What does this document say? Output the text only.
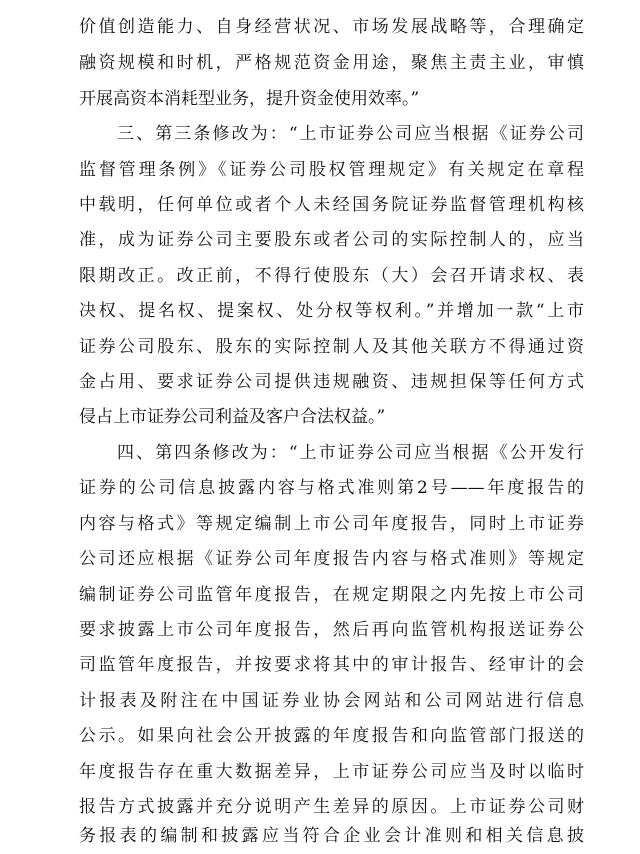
价值创造能力、自身经营状况、市场发展战略等，合理确定
融资规模和时机，严格规范资金用途，聚焦主责主业，审慎
开展高资本消耗型业务，提升资金使用效率。”
三、第三条修改为：“上市证券公司应当根据《证券公司
监督管理条例》《证券公司股权管理规定》有关规定在章程
中载明，任何单位或者个人未经国务院证券监督管理机构核
准，成为证券公司主要股东或者公司的实际控制人的，应当
限期改正。改正前，不得行使股东（大）会召开请求权、表
决权、提名权、提案权、处分权等权利。”并增加一款“上市
证券公司股东、股东的实际控制人及其他关联方不得通过资
金占用、要求证券公司提供违规融资、违规担保等任何方式
侵占上市证券公司利益及客户合法权益。”
四、第四条修改为：“上市证券公司应当根据《公开发行
证券的公司信息披露内容与格式准则第2号——年度报告的
内容与格式》等规定编制上市公司年度报告，同时上市证券
公司还应根据《证券公司年度报告内容与格式准则》等规定
编制证券公司监管年度报告，在规定期限之内先按上市公司
要求披露上市公司年度报告，然后再向监管机构报送证券公
司监管年度报告，并按要求将其中的审计报告、经审计的会
计报表及附注在中国证券业协会网站和公司网站进行信息
公示。如果向社会公开披露的年度报告和向监管部门报送的
年度报告存在重大数据差异，上市证券公司应当及时以临时
报告方式披露并充分说明产生差异的原因。上市证券公司财
务报表的编制和披露应当符合企业会计准则和相关信息披
